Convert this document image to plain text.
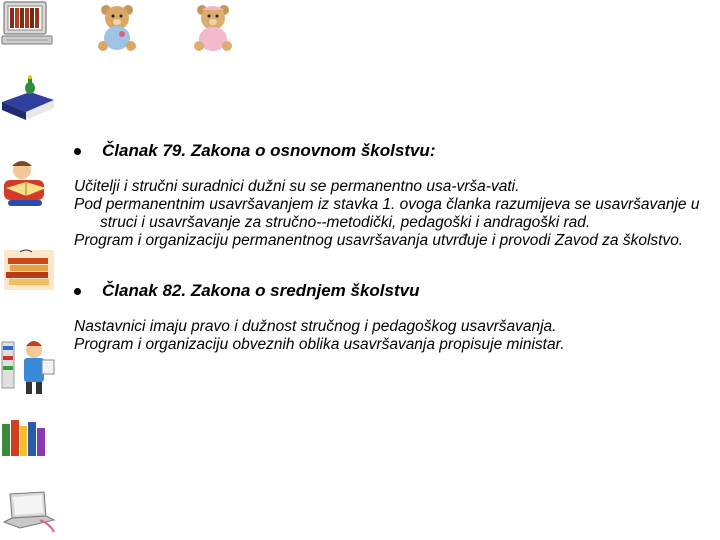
Članak 79. Zakona o osnovnom školstvu:
Učitelji i stručni suradnici dužni su se permanentno usa-vrša-vati.
Pod permanentnim usavršavanjem iz stavka 1. ovoga članka razumijeva se usavršavanje u struci i usavršavanje za stručno--metodički, pedagoški i andragoški rad.
Program i organizaciju permanentnog usavršavanja utvrđuje i provodi Zavod za školstvo.
Članak 82. Zakona o srednjem školstvu
Nastavnici imaju pravo i dužnost stručnog i pedagoškog usavršavanja.
Program i organizaciju obveznih oblika usavršavanja propisuje ministar.
